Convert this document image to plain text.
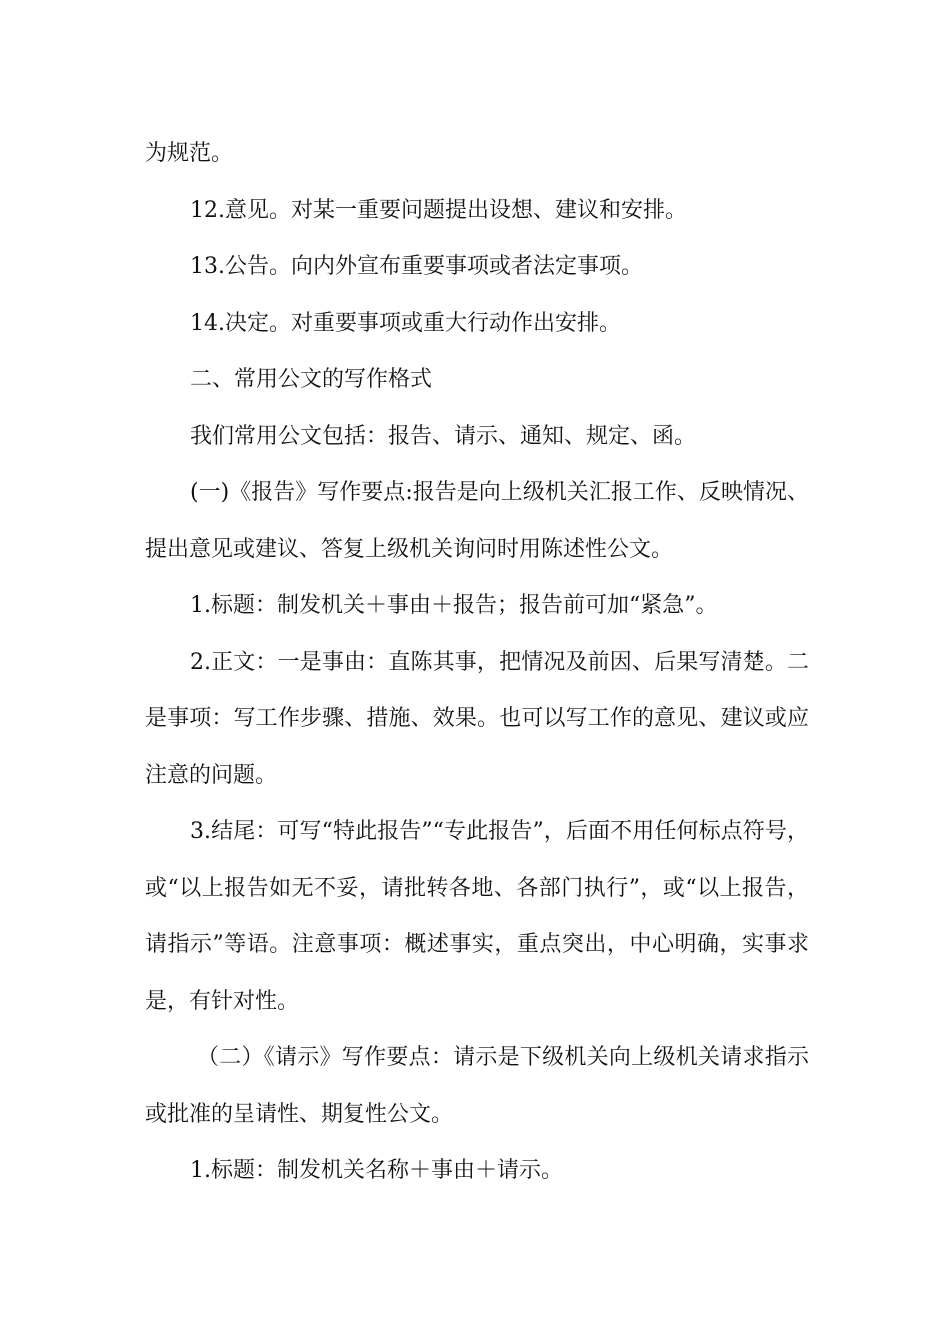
为规范。

12.意见。对某一重要问题提出设想、建议和安排。

13.公告。向内外宣布重要事项或者法定事项。

14.决定。对重要事项或重大行动作出安排。

二、常用公文的写作格式

我们常用公文包括：报告、请示、通知、规定、函。

(一)《报告》写作要点:报告是向上级机关汇报工作、反映情况、提出意见或建议、答复上级机关询问时用陈述性公文。

1.标题：制发机关＋事由＋报告；报告前可加“紧急”。

2.正文：一是事由：直陈其事，把情况及前因、后果写清楚。二是事项：写工作步骤、措施、效果。也可以写工作的意见、建议或应注意的问题。

3.结尾：可写“特此报告”“专此报告”，后面不用任何标点符号，或“以上报告如无不妥，请批转各地、各部门执行”，或“以上报告，请指示”等语。注意事项：概述事实，重点突出，中心明确，实事求是，有针对性。

（二）《请示》写作要点：请示是下级机关向上级机关请求指示或批准的呈请性、期复性公文。

1.标题：制发机关名称＋事由＋请示。
